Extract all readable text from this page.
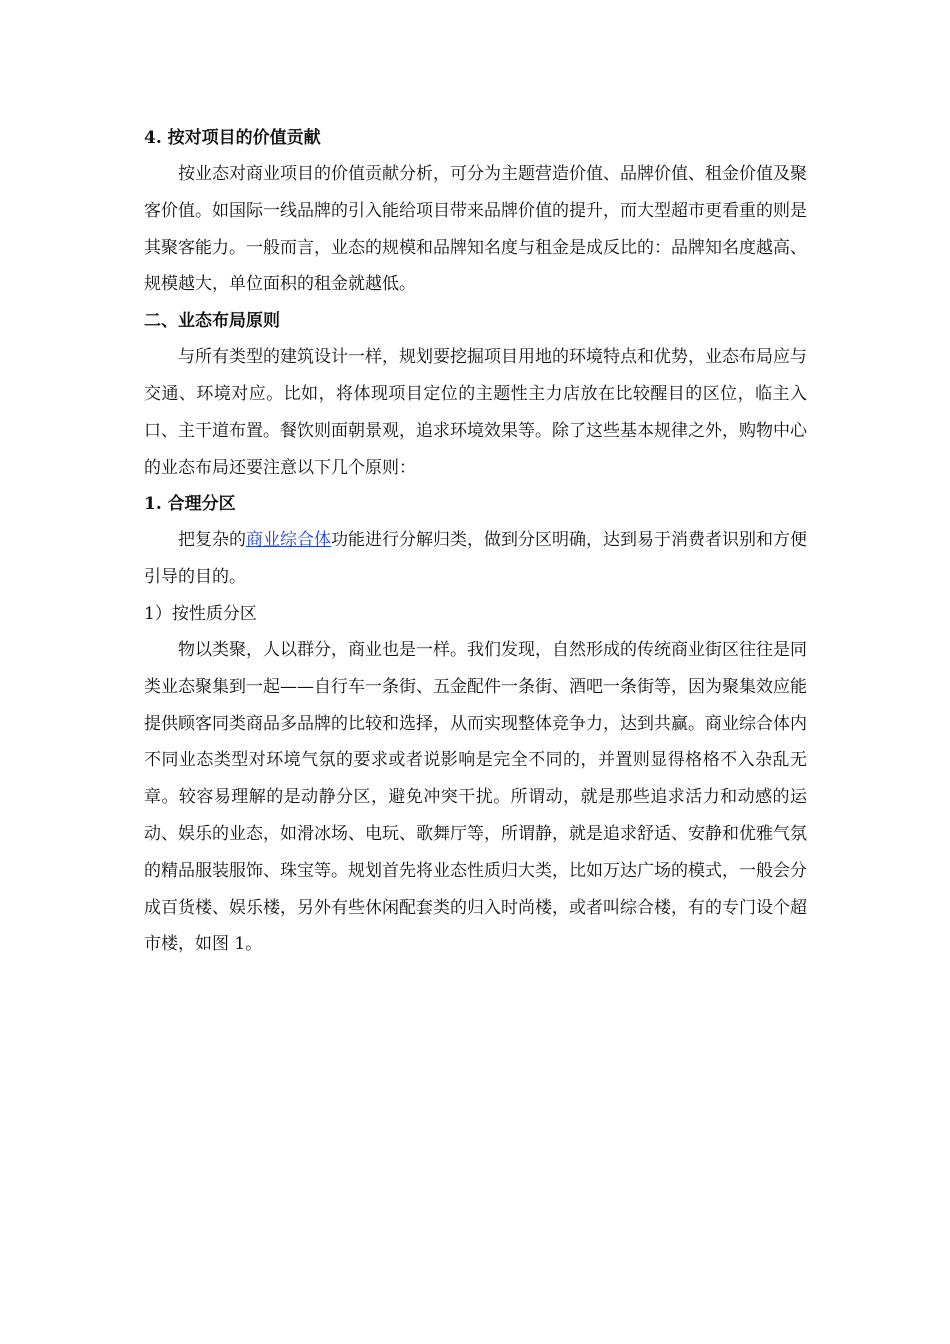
4. 按对项目的价值贡献

按业态对商业项目的价值贡献分析，可分为主题营造价值、品牌价值、租金价值及聚客价值。如国际一线品牌的引入能给项目带来品牌价值的提升，而大型超市更看重的则是其聚客能力。一般而言，业态的规模和品牌知名度与租金是成反比的：品牌知名度越高、规模越大，单位面积的租金就越低。

二、业态布局原则

与所有类型的建筑设计一样，规划要挖掘项目用地的环境特点和优势，业态布局应与交通、环境对应。比如，将体现项目定位的主题性主力店放在比较醒目的区位，临主入口、主干道布置。餐饮则面朝景观，追求环境效果等。除了这些基本规律之外，购物中心的业态布局还要注意以下几个原则：

1. 合理分区

把复杂的商业综合体功能进行分解归类，做到分区明确，达到易于消费者识别和方便引导的目的。

1）按性质分区

物以类聚，人以群分，商业也是一样。我们发现，自然形成的传统商业街区往往是同类业态聚集到一起——自行车一条街、五金配件一条街、酒吧一条街等，因为聚集效应能提供顾客同类商品多品牌的比较和选择，从而实现整体竞争力，达到共赢。商业综合体内不同业态类型对环境气氛的要求或者说影响是完全不同的，并置则显得格格不入杂乱无章。较容易理解的是动静分区，避免冲突干扰。所谓动，就是那些追求活力和动感的运动、娱乐的业态，如滑冰场、电玩、歌舞厅等，所谓静，就是追求舒适、安静和优雅气氛的精品服装服饰、珠宝等。规划首先将业态性质归大类，比如万达广场的模式，一般会分成百货楼、娱乐楼，另外有些休闲配套类的归入时尚楼，或者叫综合楼，有的专门设个超市楼，如图 1。
